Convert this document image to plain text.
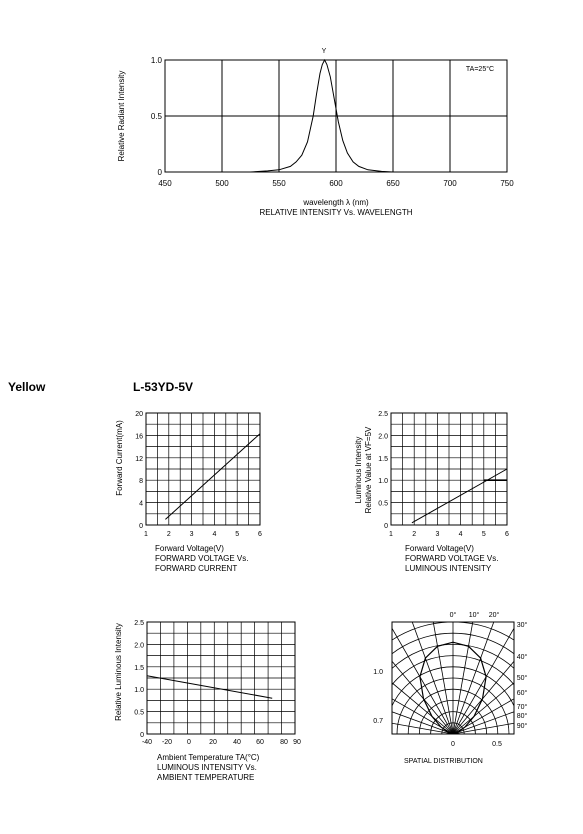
Yellow	L-53YD-5V
450	500	550	600	650	700	750
0
0.5
1.0
Relative Radiant Intensity
wavelength λ (nm)
RELATIVE INTENSITY Vs. WAVELENGTH
TA=25°C
Y
1	2	3	4	5	6
0
4
8
12
16
20
Forward Current(mA)
Forward Voltage(V)
FORWARD VOLTAGE Vs.
FORWARD CURRENT
1	2	3	4	5	6
0
0.5
1.0
1.5
2.0
2.5
Luminous Intensity Relative Value at VF=5V
Forward Voltage(V)
FORWARD VOLTAGE Vs.
LUMINOUS INTENSITY
-40 -20 0	20 40 60 80 90
0
0.5
1.0
1.5
2.0
2.5
Relative Luminous Intensity
Ambient Temperature TA(°C)
LUMINOUS INTENSITY Vs.
AMBIENT TEMPERATURE
0° 10° 20°
30°
40°
50°
60°
70°
80°
90°
1.0
0.7
0	0.5
SPATIAL DISTRIBUTION
